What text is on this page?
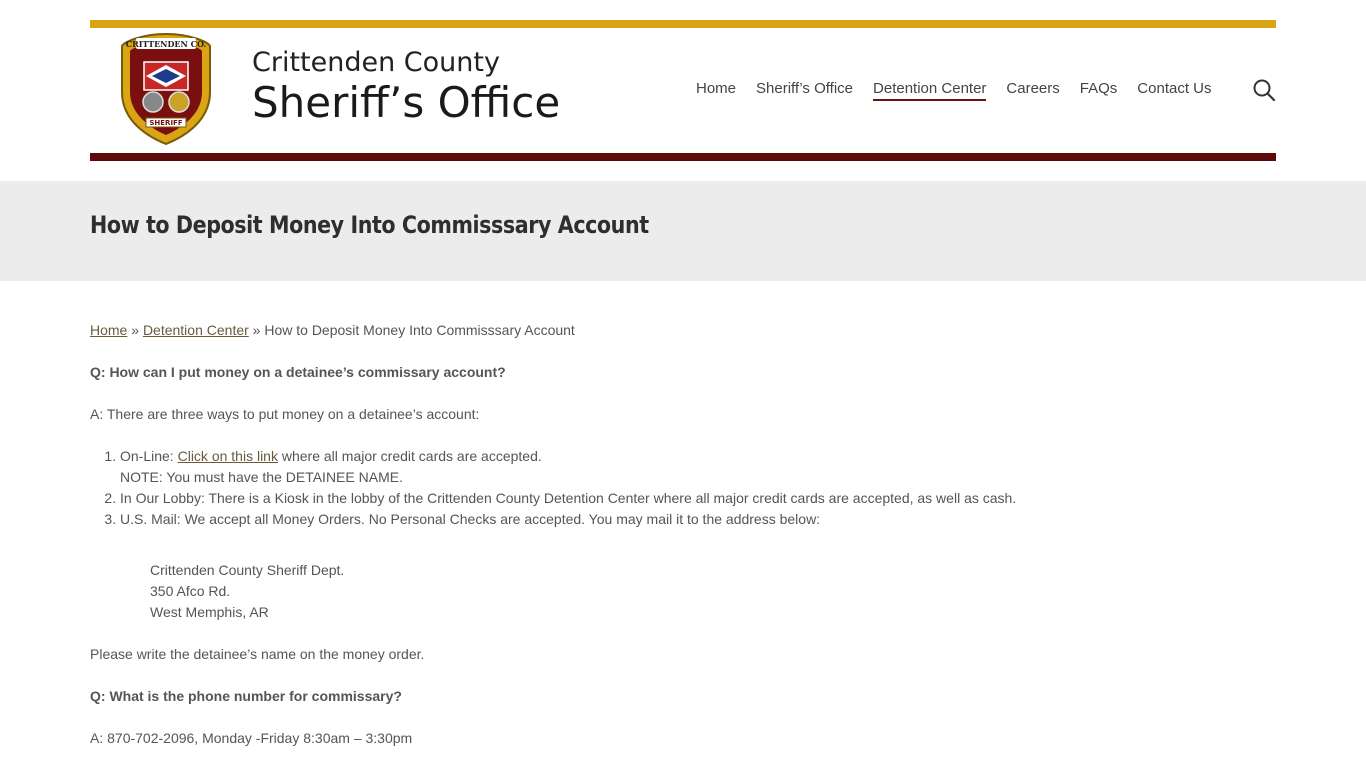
SHERIFF
CRITTENDEN CO.
Crittenden County
Sheriff’s Office	Home Sheriff’s Office Detention Center Careers FAQs Contact Us
How to Deposit Money Into Commisssary Account
Home » Detention Center » How to Deposit Money Into Commisssary Account
Q: How can I put money on a detainee’s commissary account?
A: There are three ways to put money on a detainee’s account:
1. On-Line: Click on this link where all major credit cards are accepted.
NOTE: You must have the DETAINEE NAME.
2. In Our Lobby: There is a Kiosk in the lobby of the Crittenden County Detention Center where all major credit cards are accepted, as well as cash.
3. U.S. Mail: We accept all Money Orders. No Personal Checks are accepted. You may mail it to the address below:
Crittenden County Sheriff Dept.
350 Afco Rd.
West Memphis, AR
Please write the detainee’s name on the money order.
Q: What is the phone number for commissary?
A: 870-702-2096, Monday -Friday 8:30am – 3:30pm
